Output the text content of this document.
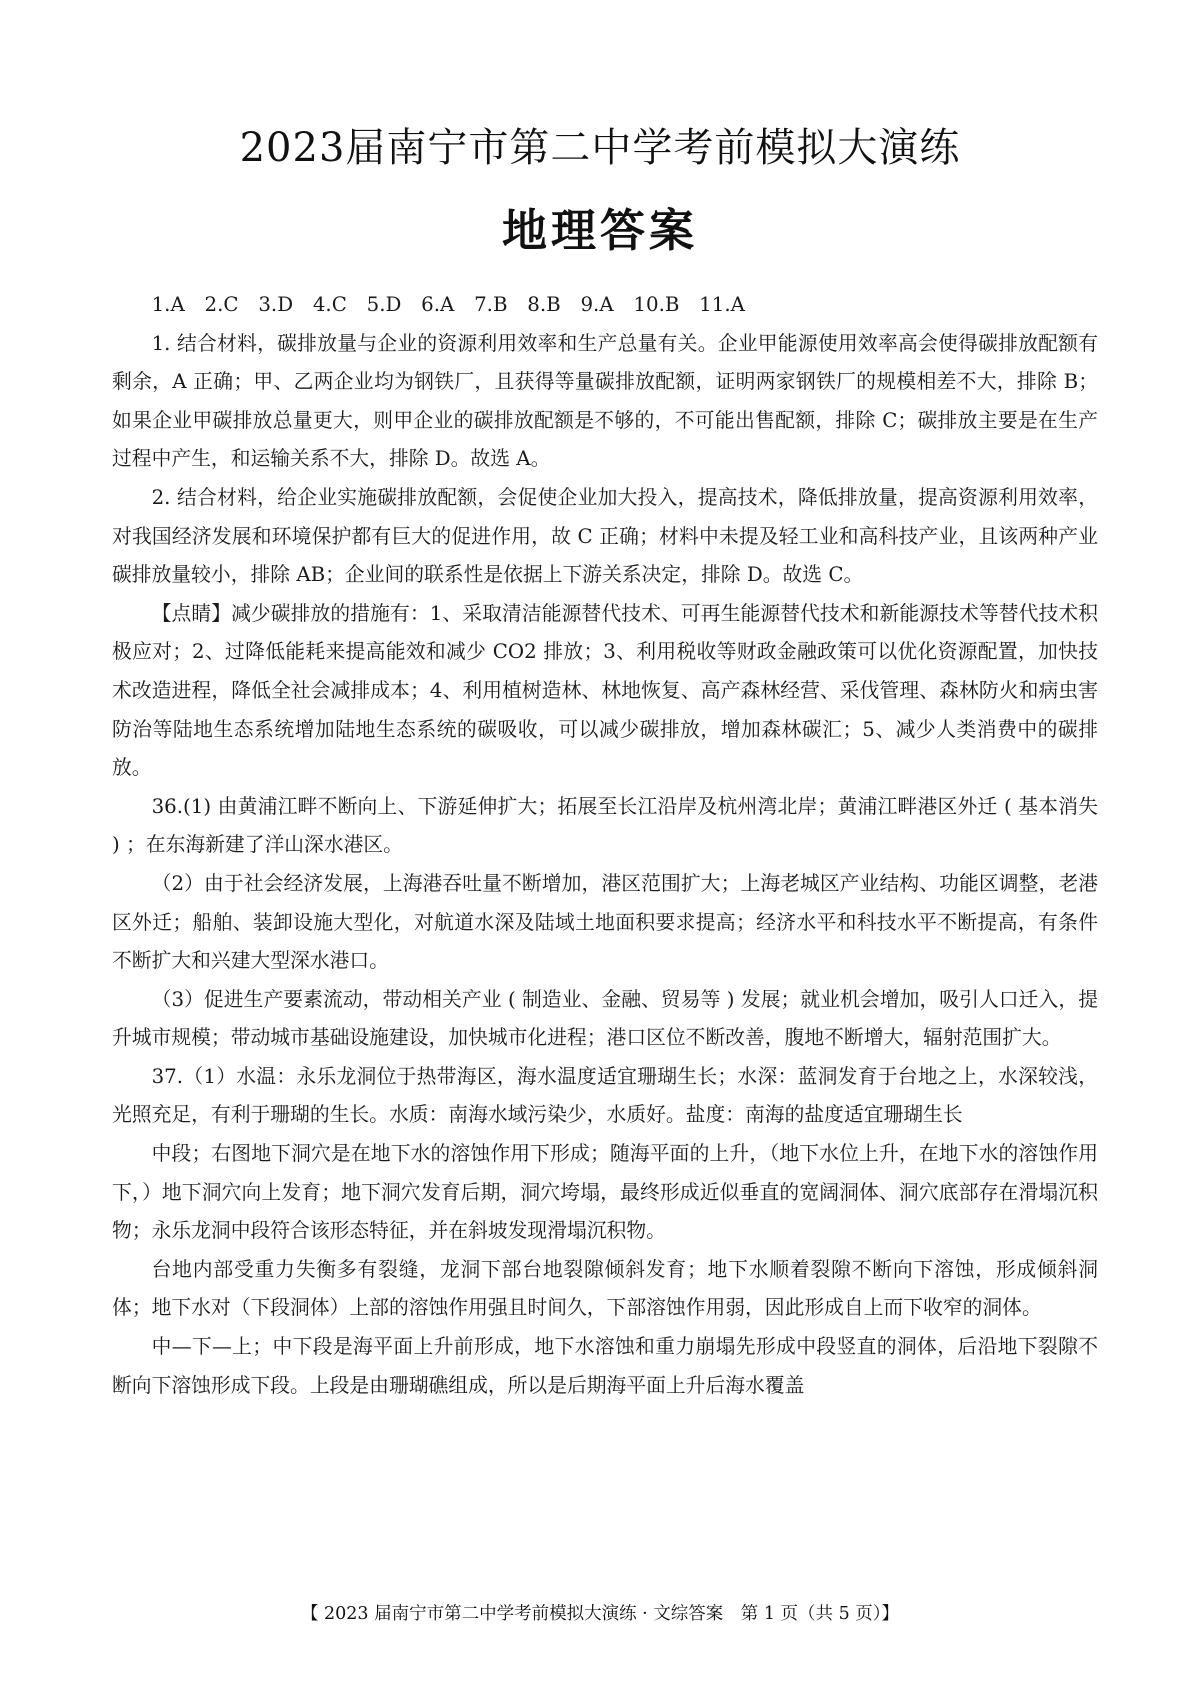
2023届南宁市第二中学考前模拟大演练
地理答案

1.A　2.C　3.D　4.C　5.D　6.A　7.B　8.B　9.A　10.B　11.A

1. 结合材料，碳排放量与企业的资源利用效率和生产总量有关。企业甲能源使用效率高会使得碳排放配额有剩余，A 正确；甲、乙两企业均为钢铁厂，且获得等量碳排放配额，证明两家钢铁厂的规模相差不大，排除 B；如果企业甲碳排放总量更大，则甲企业的碳排放配额是不够的，不可能出售配额，排除 C；碳排放主要是在生产过程中产生，和运输关系不大，排除 D。故选 A。

2. 结合材料，给企业实施碳排放配额，会促使企业加大投入，提高技术，降低排放量，提高资源利用效率，对我国经济发展和环境保护都有巨大的促进作用，故 C 正确；材料中未提及轻工业和高科技产业，且该两种产业碳排放量较小，排除 AB；企业间的联系性是依据上下游关系决定，排除 D。故选 C。

【点睛】减少碳排放的措施有：1、采取清洁能源替代技术、可再生能源替代技术和新能源技术等替代技术积极应对；2、过降低能耗来提高能效和减少 CO2 排放；3、利用税收等财政金融政策可以优化资源配置，加快技术改造进程，降低全社会减排成本；4、利用植树造林、林地恢复、高产森林经营、采伐管理、森林防火和病虫害防治等陆地生态系统增加陆地生态系统的碳吸收，可以减少碳排放，增加森林碳汇；5、减少人类消费中的碳排放。

36.(1) 由黄浦江畔不断向上、下游延伸扩大；拓展至长江沿岸及杭州湾北岸；黄浦江畔港区外迁 ( 基本消失 ) ；在东海新建了洋山深水港区。

（2）由于社会经济发展，上海港吞吐量不断增加，港区范围扩大；上海老城区产业结构、功能区调整，老港区外迁；船舶、装卸设施大型化，对航道水深及陆域土地面积要求提高；经济水平和科技水平不断提高，有条件不断扩大和兴建大型深水港口。

（3）促进生产要素流动，带动相关产业 ( 制造业、金融、贸易等 ) 发展；就业机会增加，吸引人口迁入，提升城市规模；带动城市基础设施建设，加快城市化进程；港口区位不断改善，腹地不断增大，辐射范围扩大。

37.（1）水温：永乐龙洞位于热带海区，海水温度适宜珊瑚生长；水深：蓝洞发育于台地之上，水深较浅，光照充足，有利于珊瑚的生长。水质：南海水域污染少，水质好。盐度：南海的盐度适宜珊瑚生长

中段；右图地下洞穴是在地下水的溶蚀作用下形成；随海平面的上升，（地下水位上升，在地下水的溶蚀作用下，）地下洞穴向上发育；地下洞穴发育后期，洞穴垮塌，最终形成近似垂直的宽阔洞体、洞穴底部存在滑塌沉积物；永乐龙洞中段符合该形态特征，并在斜坡发现滑塌沉积物。

台地内部受重力失衡多有裂缝，龙洞下部台地裂隙倾斜发育；地下水顺着裂隙不断向下溶蚀，形成倾斜洞体；地下水对（下段洞体）上部的溶蚀作用强且时间久，下部溶蚀作用弱，因此形成自上而下收窄的洞体。

中—下—上；中下段是海平面上升前形成，地下水溶蚀和重力崩塌先形成中段竖直的洞体，后沿地下裂隙不断向下溶蚀形成下段。上段是由珊瑚礁组成，所以是后期海平面上升后海水覆盖

【 2023 届南宁市第二中学考前模拟大演练 · 文综答案　第 1 页（共 5 页）】
